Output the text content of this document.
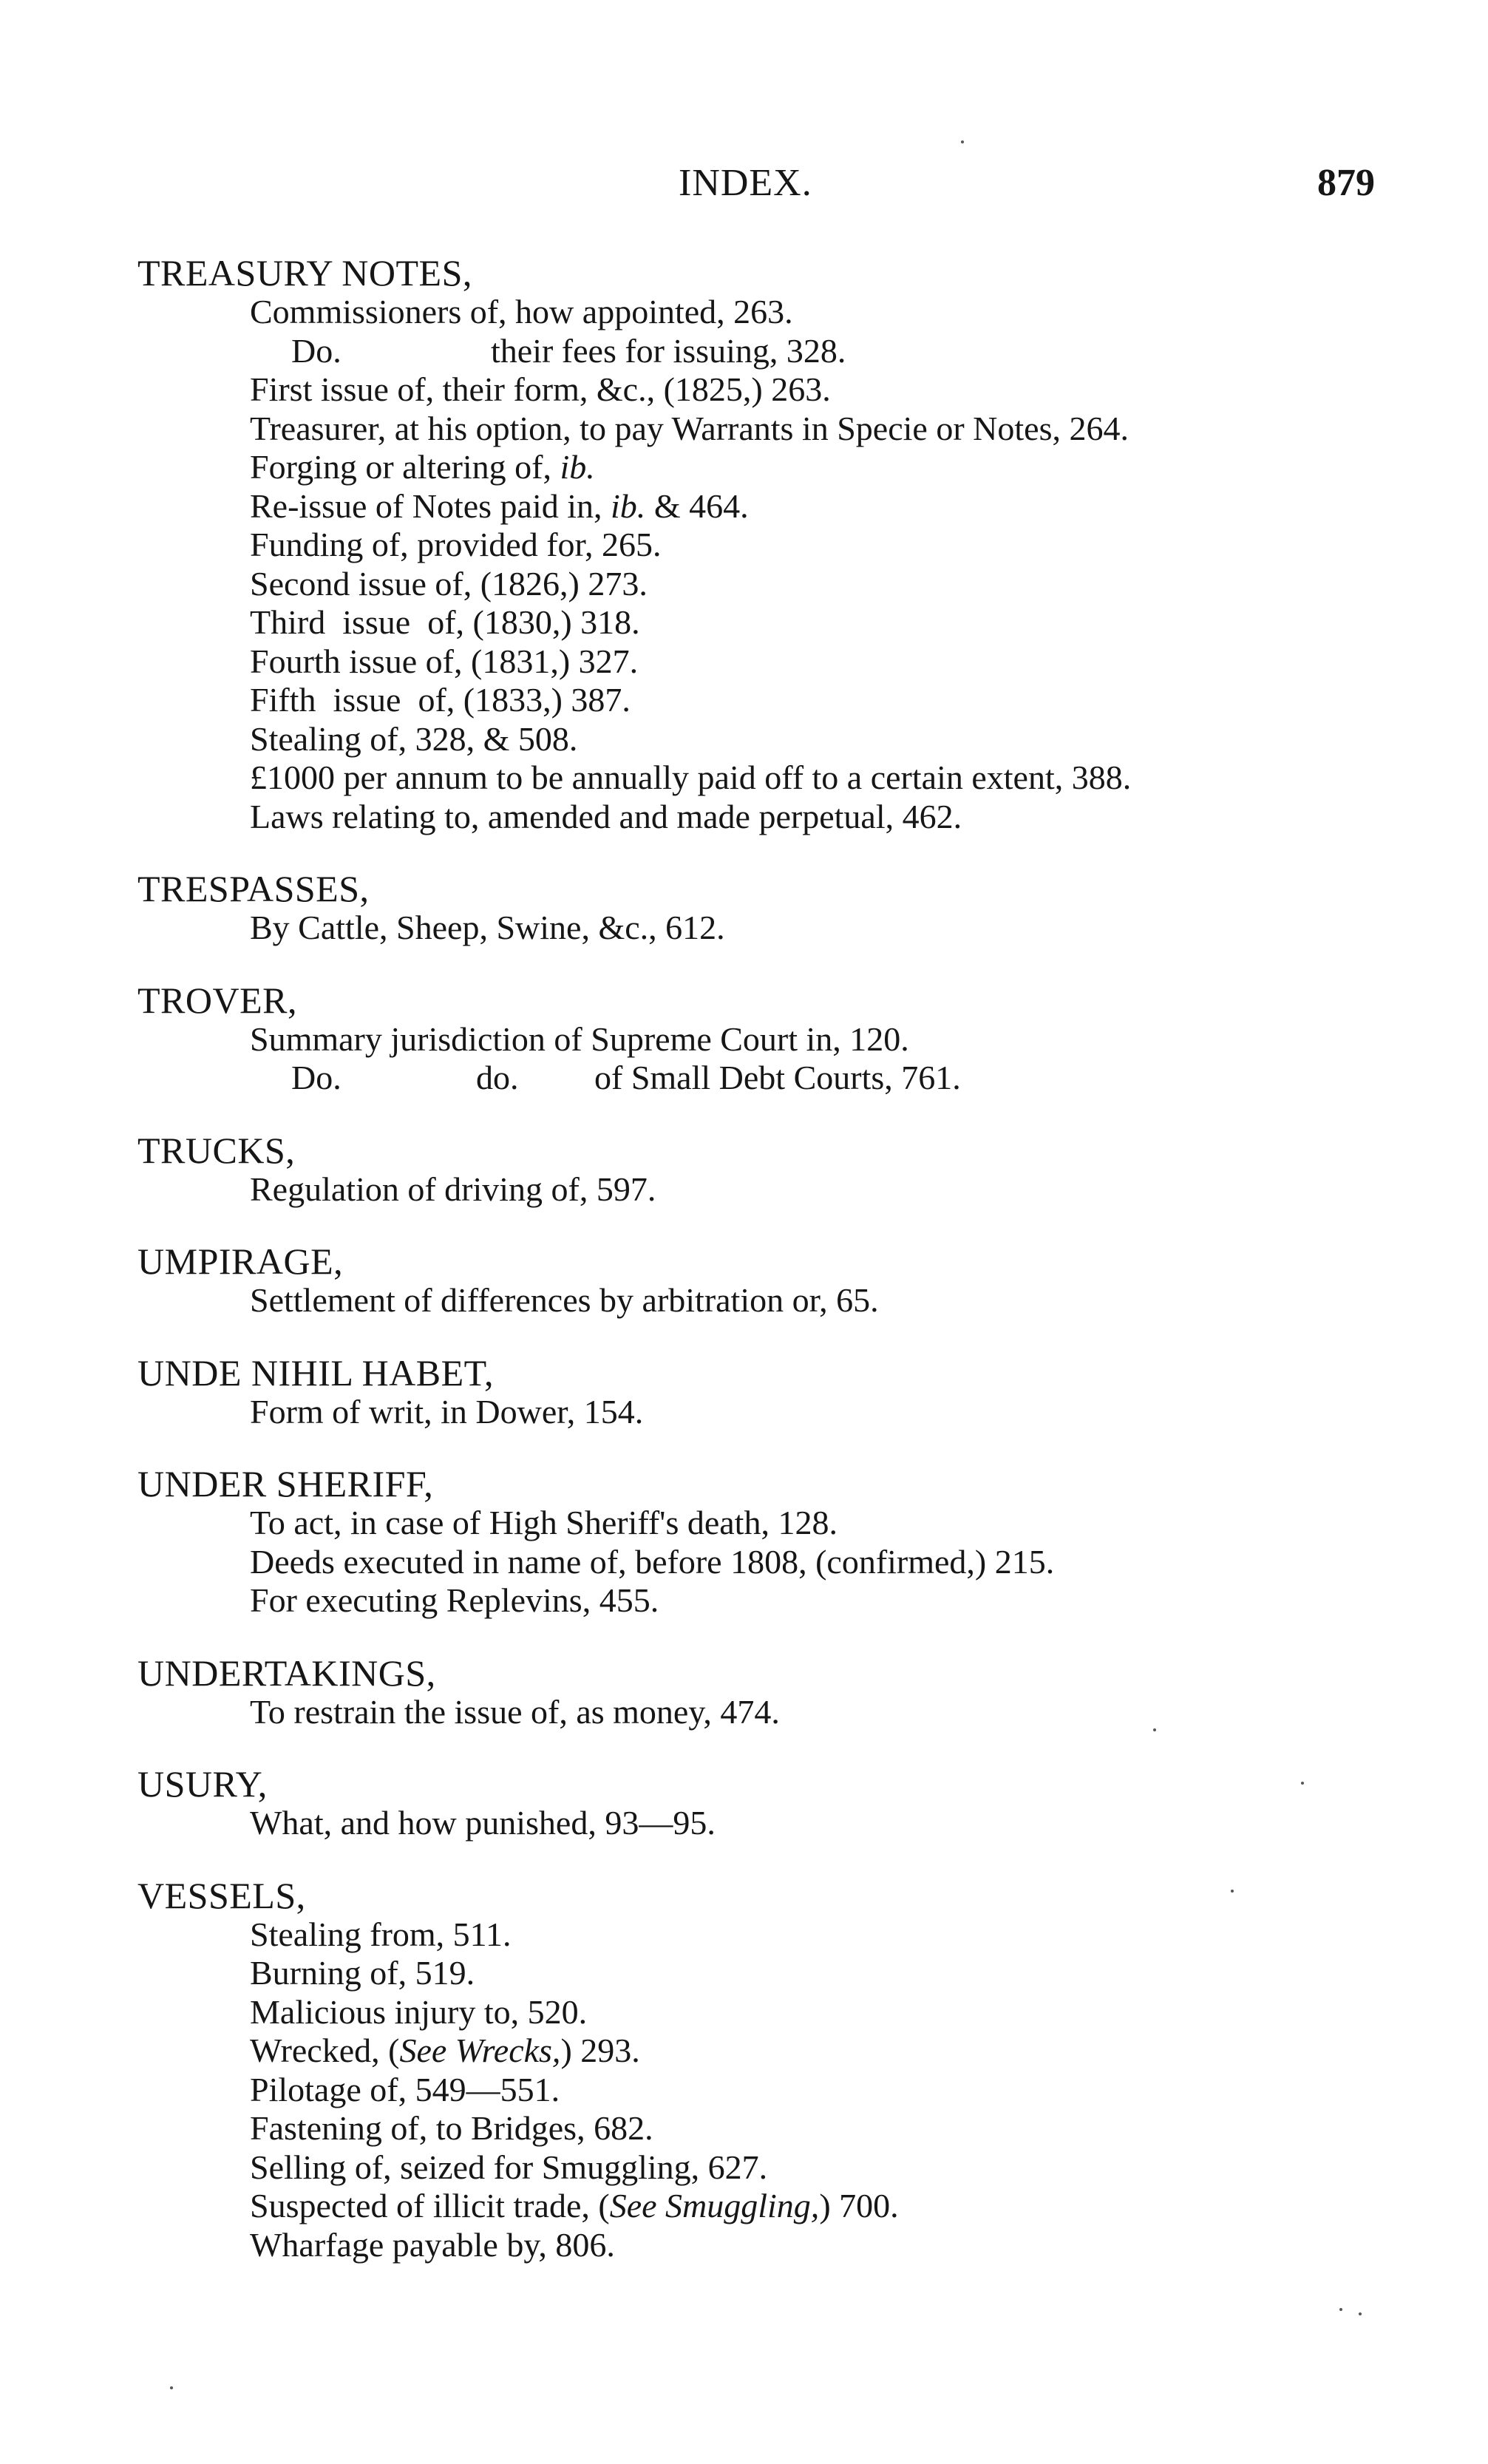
INDEX.	879
TREASURY NOTES,
Commissioners of, how appointed, 263.
Do.	their fees for issuing, 328.
First issue of, their form, &c., (1825,) 263.
Treasurer, at his option, to pay Warrants in Specie or Notes, 264.
Forging or altering of, ib.
Re-issue of Notes paid in, ib. & 464.
Funding of, provided for, 265.
Second issue of, (1826,) 273.
Third  issue  of, (1830,) 318.
Fourth issue of, (1831,) 327.
Fifth  issue  of, (1833,) 387.
Stealing of, 328, & 508.
£1000 per annum to be annually paid off to a certain extent, 388.
Laws relating to, amended and made perpetual, 462.
TRESPASSES,
By Cattle, Sheep, Swine, &c., 612.
TROVER,
Summary jurisdiction of Supreme Court in, 120.
Do.	do. of Small Debt Courts, 761.
TRUCKS,
Regulation of driving of, 597.
UMPIRAGE,
Settlement of differences by arbitration or, 65.
UNDE NIHIL HABET,
Form of writ, in Dower, 154.
UNDER SHERIFF,
To act, in case of High Sheriff's death, 128.
Deeds executed in name of, before 1808, (confirmed,) 215.
For executing Replevins, 455.
UNDERTAKINGS,
To restrain the issue of, as money, 474.
USURY,
What, and how punished, 93—95.
VESSELS,
Stealing from, 511.
Burning of, 519.
Malicious injury to, 520.
Wrecked, (See Wrecks,) 293.
Pilotage of, 549—551.
Fastening of, to Bridges, 682.
Selling of, seized for Smuggling, 627.
Suspected of illicit trade, (See Smuggling,) 700.
Wharfage payable by, 806.
